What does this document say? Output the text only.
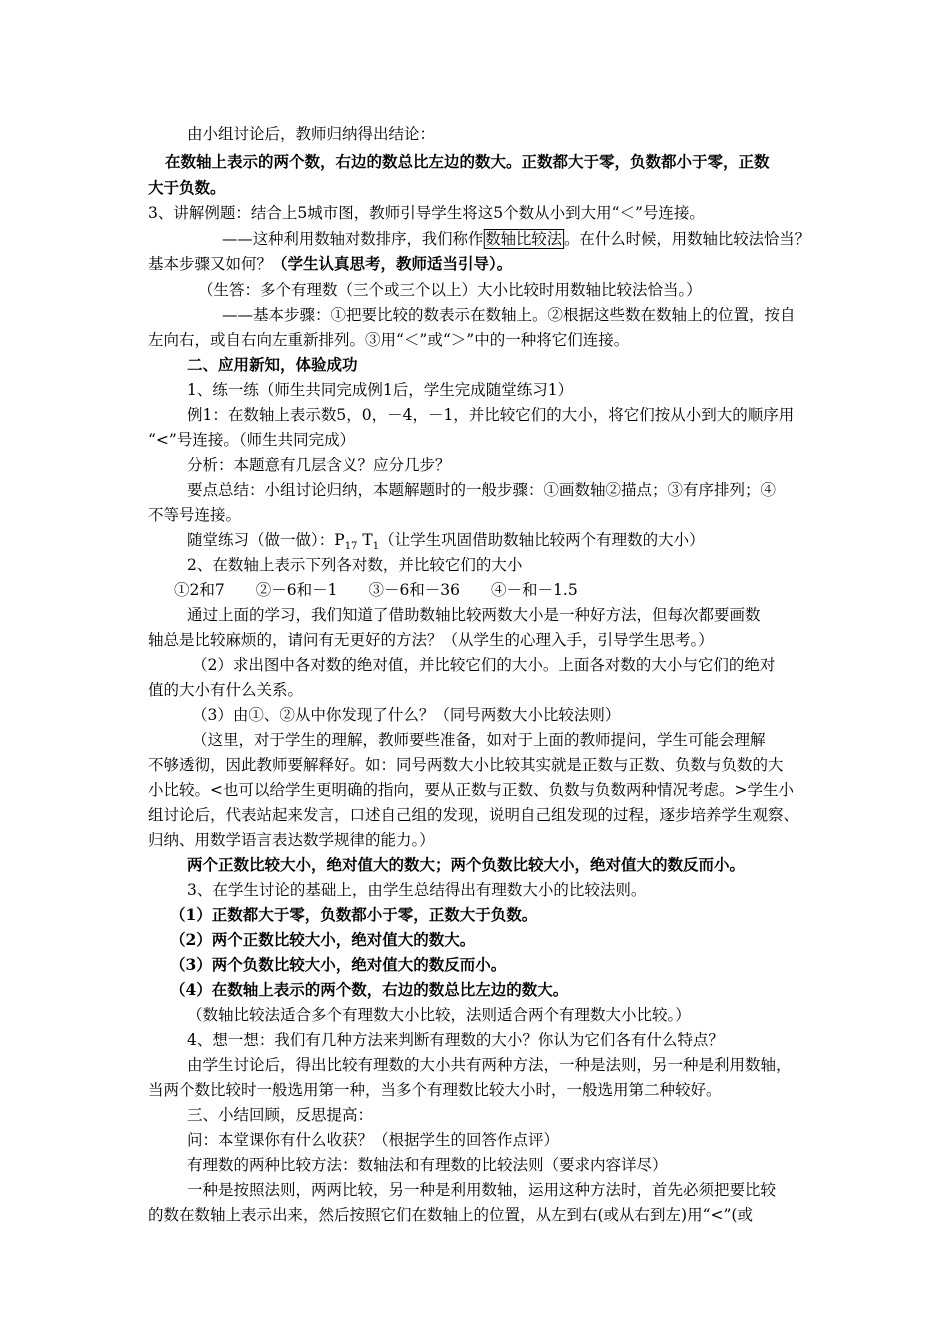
由小组讨论后，教师归纳得出结论：
在数轴上表示的两个数，右边的数总比左边的数大。正数都大于零，负数都小于零，正数
大于负数。
3、讲解例题：结合上5城市图，教师引导学生将这5个数从小到大用“＜”号连接。
——这种利用数轴对数排序，我们称作 数轴比较法 。在什么时候，用数轴比较法恰当？
基本步骤又如何？（学生认真思考，教师适当引导）。
（生答：多个有理数（三个或三个以上）大小比较时用数轴比较法恰当。）
——基本步骤：①把要比较的数表示在数轴上。②根据这些数在数轴上的位置，按自
左向右，或自右向左重新排列。③用“＜”或“＞”中的一种将它们连接。
二、应用新知，体验成功
1、练一练（师生共同完成例1后，学生完成随堂练习1）
例1：在数轴上表示数5，0，－4，－1，并比较它们的大小，将它们按从小到大的顺序用
“<”号连接。（师生共同完成）
分析：本题意有几层含义？应分几步？
要点总结：小组讨论归纳，本题解题时的一般步骤：①画数轴②描点；③有序排列；④
不等号连接。
随堂练习（做一做）：$P_{17}$ $T_1$（让学生巩固借助数轴比较两个有理数的大小）
2、在数轴上表示下列各对数，并比较它们的大小
①2和7　　②－6和－1　　③－6和－36　　④－和－1.5
通过上面的学习，我们知道了借助数轴比较两数大小是一种好方法，但每次都要画数
轴总是比较麻烦的，请问有无更好的方法？（从学生的心理入手，引导学生思考。）
（2）求出图中各对数的绝对值，并比较它们的大小。上面各对数的大小与它们的绝对
值的大小有什么关系。
（3）由①、②从中你发现了什么？（同号两数大小比较法则）
（这里，对于学生的理解，教师要些准备，如对于上面的教师提问，学生可能会理解
不够透彻，因此教师要解释好。如：同号两数大小比较其实就是正数与正数、负数与负数的大
小比较。<也可以给学生更明确的指向，要从正数与正数、负数与负数两种情况考虑。>学生小
组讨论后，代表站起来发言，口述自己组的发现，说明自己组发现的过程，逐步培养学生观察、
归纳、用数学语言表达数学规律的能力。）
两个正数比较大小，绝对值大的数大；两个负数比较大小，绝对值大的数反而小。
3、在学生讨论的基础上，由学生总结得出有理数大小的比较法则。
（1）正数都大于零，负数都小于零，正数大于负数。
（2）两个正数比较大小，绝对值大的数大。
（3）两个负数比较大小，绝对值大的数反而小。
（4）在数轴上表示的两个数，右边的数总比左边的数大。
（数轴比较法适合多个有理数大小比较，法则适合两个有理数大小比较。）
4、想一想：我们有几种方法来判断有理数的大小？你认为它们各有什么特点？
由学生讨论后，得出比较有理数的大小共有两种方法，一种是法则，另一种是利用数轴，
当两个数比较时一般选用第一种，当多个有理数比较大小时，一般选用第二种较好。
三、小结回顾，反思提高：
问：本堂课你有什么收获？（根据学生的回答作点评）
有理数的两种比较方法：数轴法和有理数的比较法则（要求内容详尽）
一种是按照法则，两两比较，另一种是利用数轴，运用这种方法时，首先必须把要比较
的数在数轴上表示出来，然后按照它们在数轴上的位置，从左到右(或从右到左)用“<”(或
